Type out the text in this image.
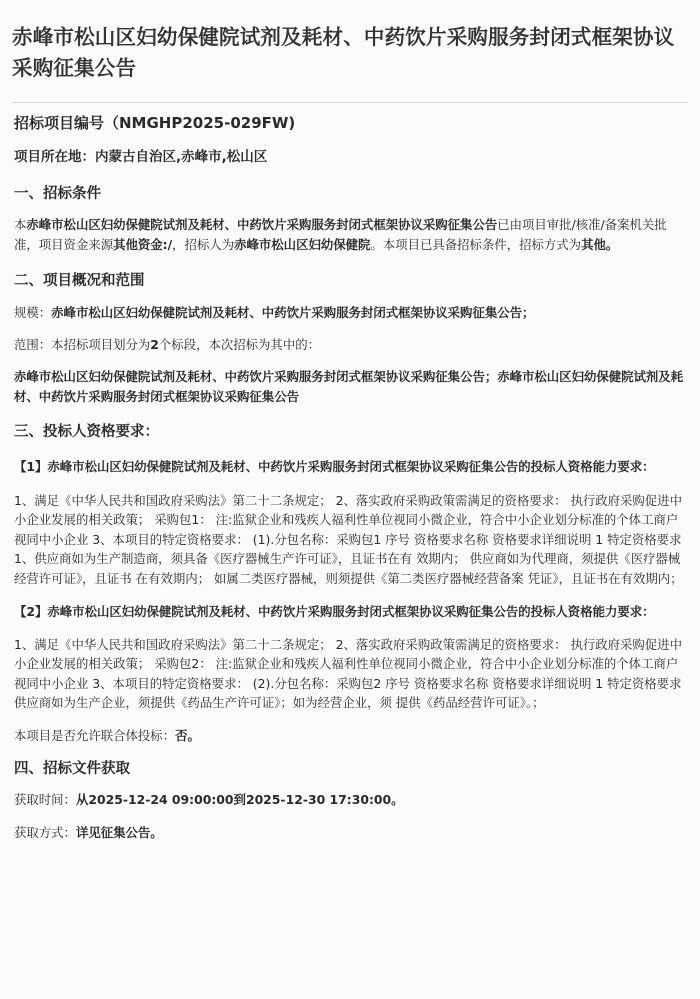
赤峰市松山区妇幼保健院试剂及耗材、中药饮片采购服务封闭式框架协议采购征集公告
招标项目编号（NMGHP2025-029FW)
项目所在地：内蒙古自治区,赤峰市,松山区
一、招标条件

本赤峰市松山区妇幼保健院试剂及耗材、中药饮片采购服务封闭式框架协议采购征集公告已由项目审批/核准/备案机关批准，项目资金来源其他资金:/，招标人为赤峰市松山区妇幼保健院。本项目已具备招标条件，招标方式为其他。

二、项目概况和范围

规模：赤峰市松山区妇幼保健院试剂及耗材、中药饮片采购服务封闭式框架协议采购征集公告；

范围：本招标项目划分为2个标段，本次招标为其中的：

赤峰市松山区妇幼保健院试剂及耗材、中药饮片采购服务封闭式框架协议采购征集公告；赤峰市松山区妇幼保健院试剂及耗材、中药饮片采购服务封闭式框架协议采购征集公告

三、投标人资格要求：
【1】赤峰市松山区妇幼保健院试剂及耗材、中药饮片采购服务封闭式框架协议采购征集公告的投标人资格能力要求：

1、满足《中华人民共和国政府采购法》第二十二条规定； 2、落实政府采购政策需满足的资格要求： 执行政府采购促进中小企业发展的相关政策； 采购包1： 注:监狱企业和残疾人福利性单位视同小微企业，符合中小企业划分标准的个体工商户视同中小企业 3、本项目的特定资格要求： (1).分包名称：采购包1 序号 资格要求名称 资格要求详细说明 1 特定资格要求 1、供应商如为生产制造商，须具备《医疗器械生产许可证》，且证书在有 效期内； 供应商如为代理商，须提供《医疗器械经营许可证》，且证书 在有效期内； 如属二类医疗器械，则须提供《第二类医疗器械经营备案 凭证》，且证书在有效期内；

【2】赤峰市松山区妇幼保健院试剂及耗材、中药饮片采购服务封闭式框架协议采购征集公告的投标人资格能力要求：

1、满足《中华人民共和国政府采购法》第二十二条规定； 2、落实政府采购政策需满足的资格要求： 执行政府采购促进中小企业发展的相关政策； 采购包2： 注:监狱企业和残疾人福利性单位视同小微企业，符合中小企业划分标准的个体工商户视同中小企业 3、本项目的特定资格要求： (2).分包名称：采购包2 序号 资格要求名称 资格要求详细说明 1 特定资格要求 供应商如为生产企业，须提供《药品生产许可证》；如为经营企业，须 提供《药品经营许可证》。；

本项目是否允许联合体投标：否。

四、招标文件获取

获取时间：从2025-12-24 09:00:00到2025-12-30 17:30:00。

获取方式：详见征集公告。
